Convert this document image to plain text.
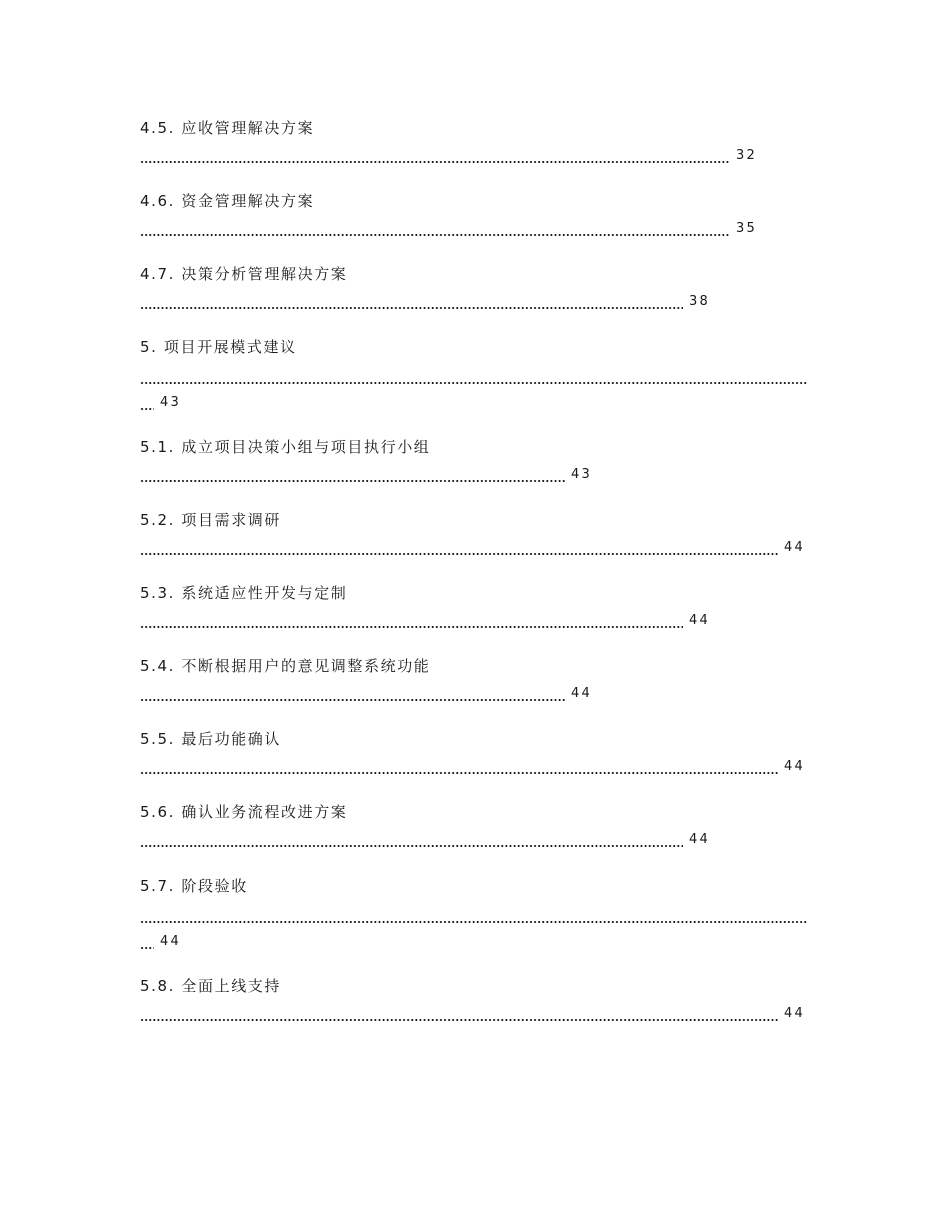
4.5. 应收管理解决方案
32
4.6. 资金管理解决方案
35
4.7. 决策分析管理解决方案
38
5. 项目开展模式建议
43
5.1. 成立项目决策小组与项目执行小组
43
5.2. 项目需求调研
44
5.3. 系统适应性开发与定制
44
5.4. 不断根据用户的意见调整系统功能
44
5.5. 最后功能确认
44
5.6. 确认业务流程改进方案
44
5.7. 阶段验收
44
5.8. 全面上线支持
44
